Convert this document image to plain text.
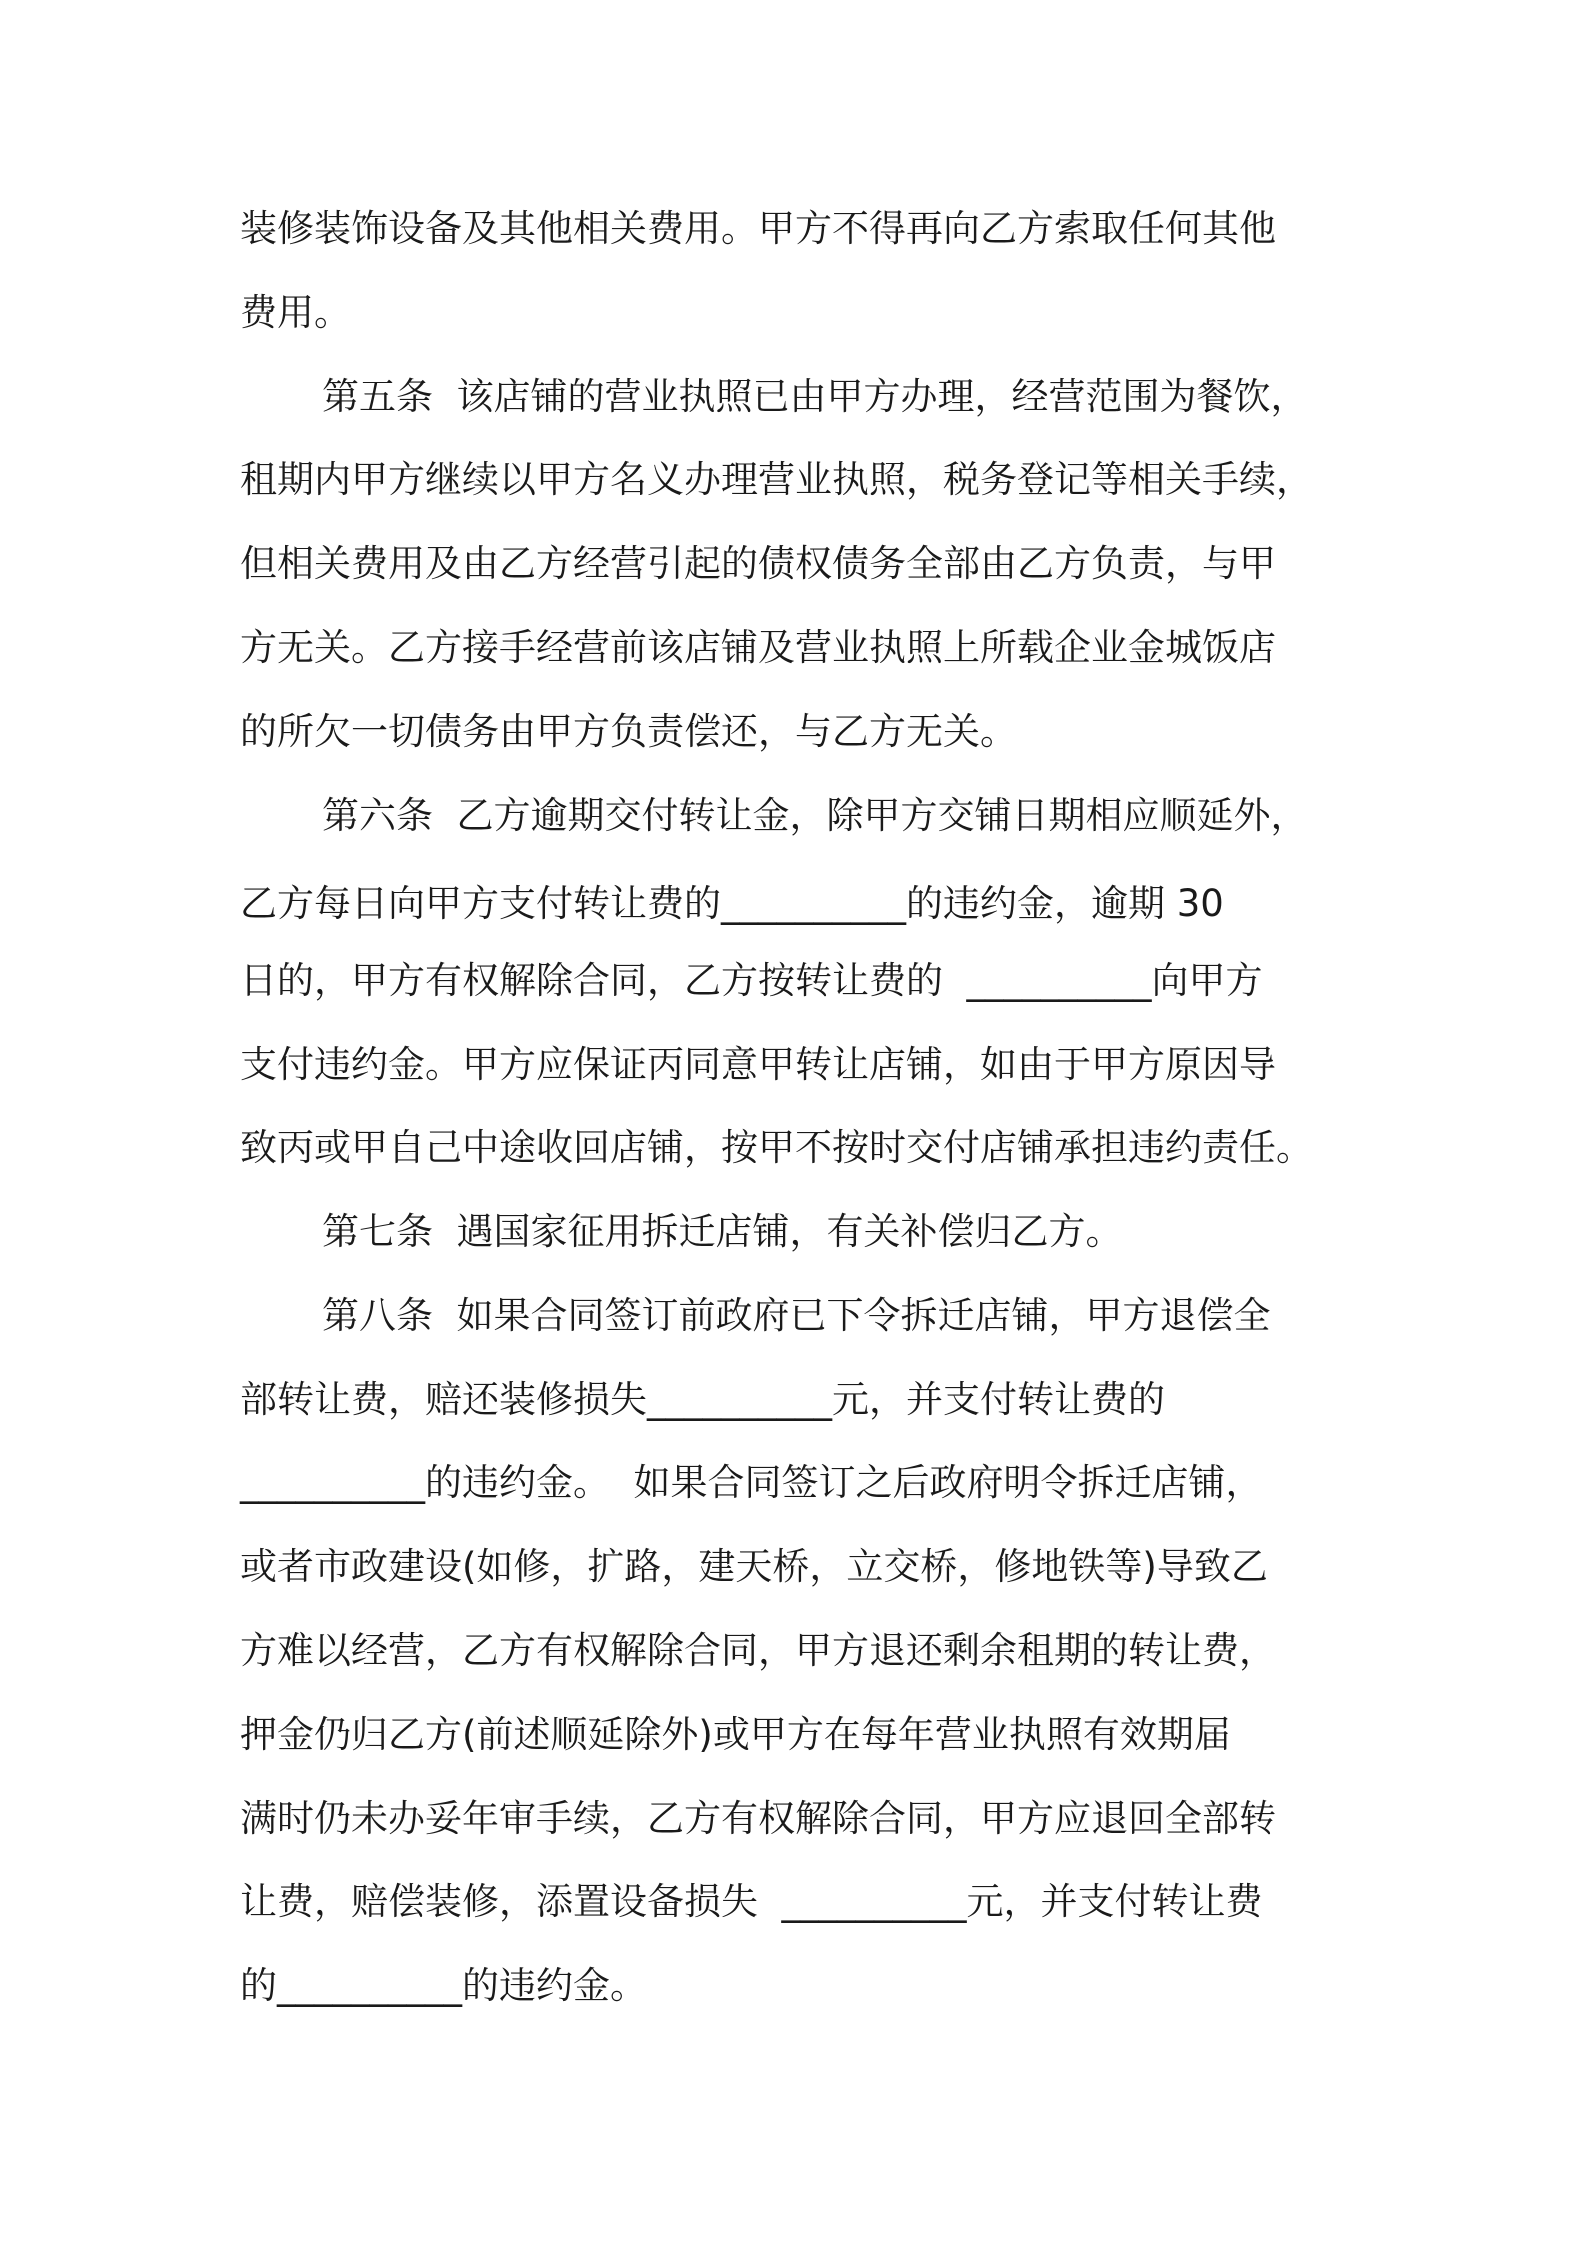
装修装饰设备及其他相关费用。甲方不得再向乙方索取任何其他
费用。
第五条  该店铺的营业执照已由甲方办理，经营范围为餐饮，
租期内甲方继续以甲方名义办理营业执照，税务登记等相关手续，
但相关费用及由乙方经营引起的债权债务全部由乙方负责，与甲
方无关。乙方接手经营前该店铺及营业执照上所载企业金城饭店
的所欠一切债务由甲方负责偿还，与乙方无关。
第六条  乙方逾期交付转让金，除甲方交铺日期相应顺延外，
乙方每日向甲方支付转让费的__________的违约金，逾期 30
日的，甲方有权解除合同，乙方按转让费的  __________向甲方
支付违约金。甲方应保证丙同意甲转让店铺，如由于甲方原因导
致丙或甲自己中途收回店铺，按甲不按时交付店铺承担违约责任。
第七条  遇国家征用拆迁店铺，有关补偿归乙方。
第八条  如果合同签订前政府已下令拆迁店铺，甲方退偿全
部转让费，赔还装修损失__________元，并支付转让费的
__________的违约金。  如果合同签订之后政府明令拆迁店铺，
或者市政建设(如修，扩路，建天桥，立交桥，修地铁等)导致乙
方难以经营，乙方有权解除合同，甲方退还剩余租期的转让费，
押金仍归乙方(前述顺延除外)或甲方在每年营业执照有效期届
满时仍未办妥年审手续，乙方有权解除合同，甲方应退回全部转
让费，赔偿装修，添置设备损失  __________元，并支付转让费
的__________的违约金。
